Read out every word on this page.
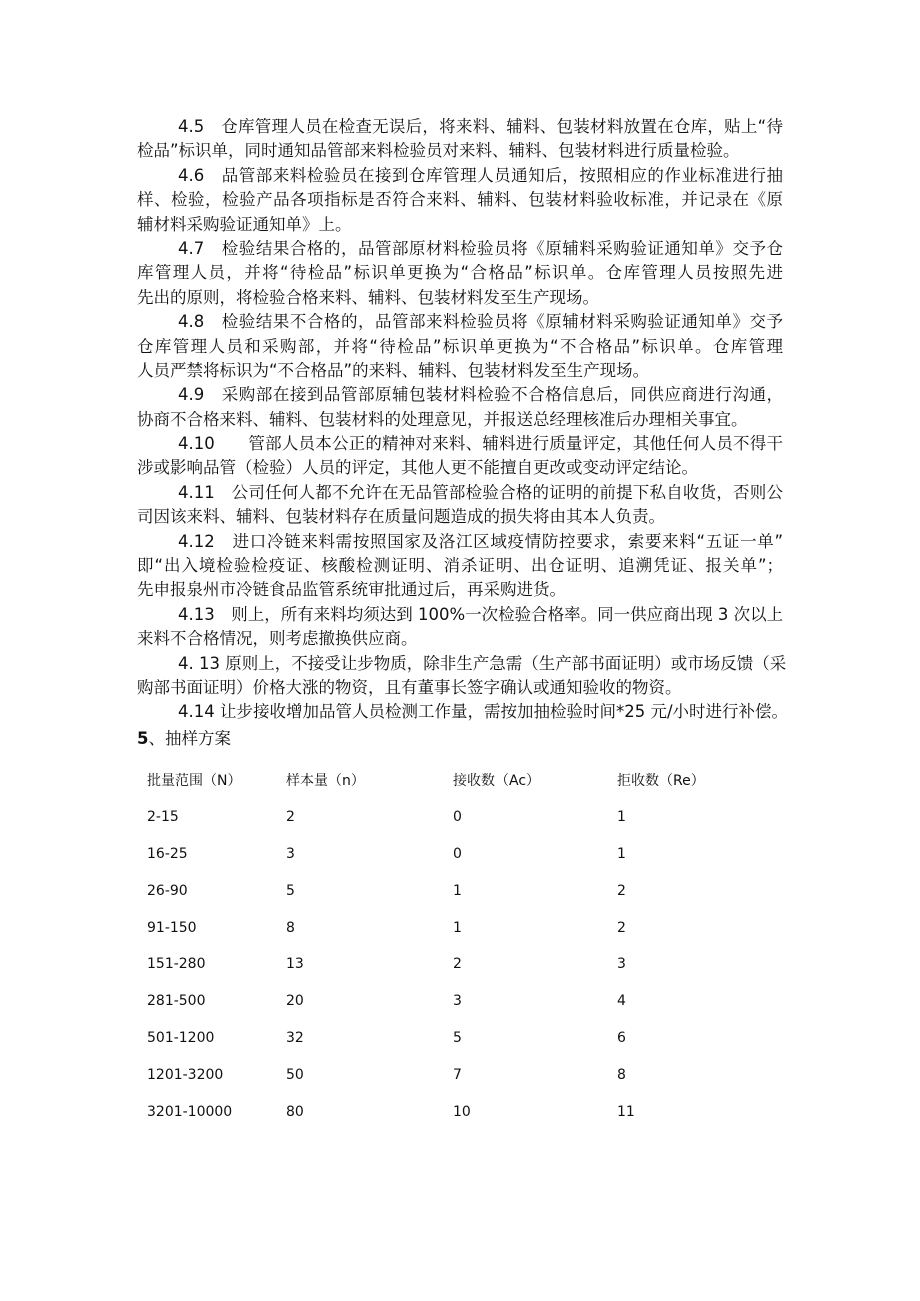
4.5　仓库管理人员在检查无误后，将来料、辅料、包装材料放置在仓库，贴上“待
检品”标识单，同时通知品管部来料检验员对来料、辅料、包装材料进行质量检验。
4.6　品管部来料检验员在接到仓库管理人员通知后，按照相应的作业标准进行抽
样、检验，检验产品各项指标是否符合来料、辅料、包装材料验收标准，并记录在《原
辅材料采购验证通知单》上。
4.7　检验结果合格的，品管部原材料检验员将《原辅料采购验证通知单》交予仓
库管理人员，并将“待检品”标识单更换为“合格品”标识单。仓库管理人员按照先进
先出的原则，将检验合格来料、辅料、包装材料发至生产现场。
4.8　检验结果不合格的，品管部来料检验员将《原辅材料采购验证通知单》交予
仓库管理人员和采购部，并将“待检品”标识单更换为“不合格品”标识单。仓库管理
人员严禁将标识为“不合格品”的来料、辅料、包装材料发至生产现场。
4.9　采购部在接到品管部原辅包装材料检验不合格信息后，同供应商进行沟通，
协商不合格来料、辅料、包装材料的处理意见，并报送总经理核准后办理相关事宜。
4.10　　管部人员本公正的精神对来料、辅料进行质量评定，其他任何人员不得干
涉或影响品管（检验）人员的评定，其他人更不能擅自更改或变动评定结论。
4.11　公司任何人都不允许在无品管部检验合格的证明的前提下私自收货，否则公
司因该来料、辅料、包装材料存在质量问题造成的损失将由其本人负责。
4.12　进口冷链来料需按照国家及洛江区域疫情防控要求，索要来料“五证一单”
即“出入境检验检疫证、核酸检测证明、消杀证明、出仓证明、追溯凭证、报关单”；
先申报泉州市冷链食品监管系统审批通过后，再采购进货。
4.13　则上，所有来料均须达到 100%一次检验合格率。同一供应商出现 3 次以上
来料不合格情况，则考虑撤换供应商。
4. 13 原则上，不接受让步物质，除非生产急需（生产部书面证明）或市场反馈（采
购部书面证明）价格大涨的物资，且有董事长签字确认或通知验收的物资。
4.14 让步接收增加品管人员检测工作量，需按加抽检验时间*25 元/小时进行补偿。
5、抽样方案
批量范围（N）	样本量（n）	接收数（Ac）	拒收数（Re）
2-15	2	0	1
16-25	3	0	1
26-90	5	1	2
91-150	8	1	2
151-280	13	2	3
281-500	20	3	4
501-1200	32	5	6
1201-3200	50	7	8
3201-10000	80	10	11
